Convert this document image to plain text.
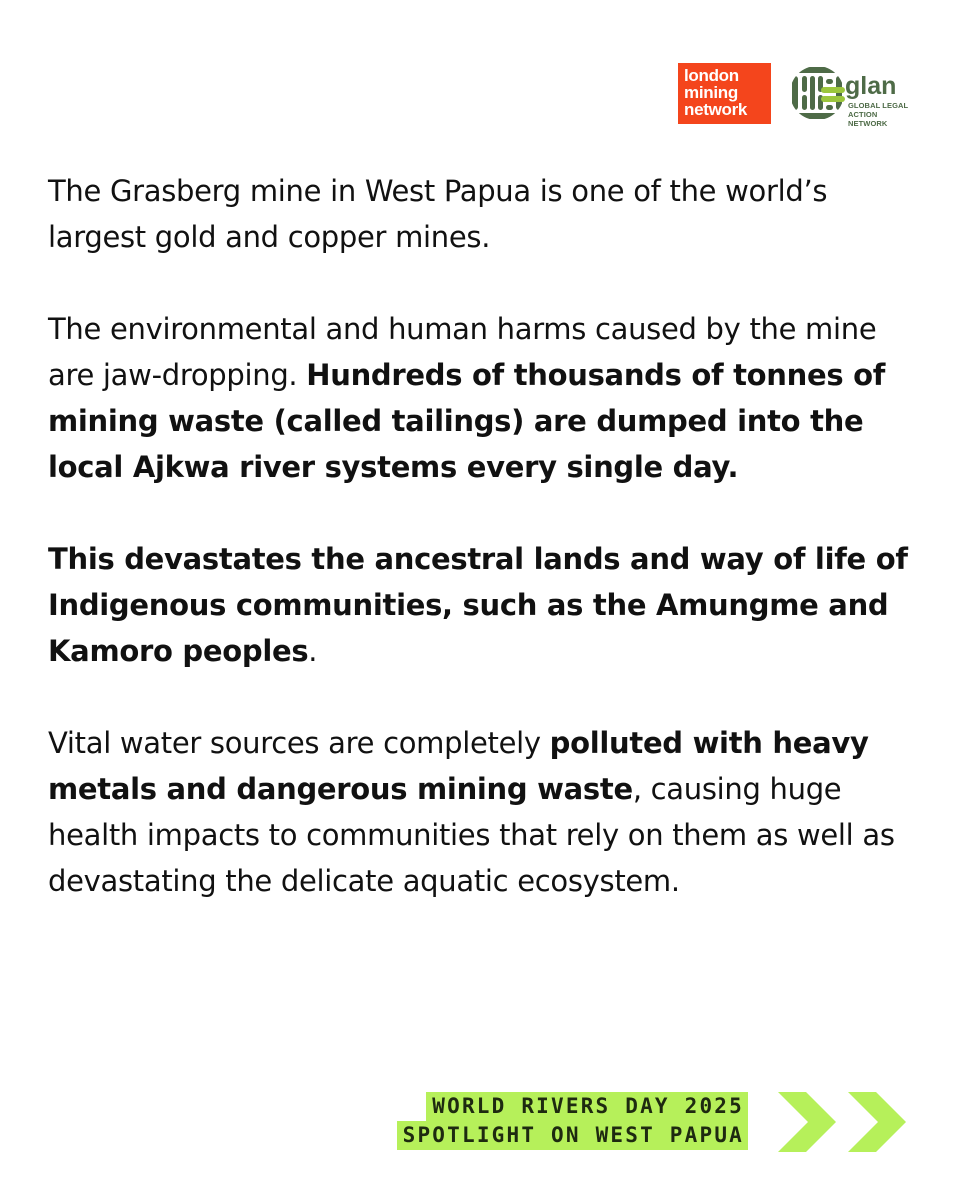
london
mining
network
glan
GLOBAL LEGAL
ACTION NETWORK

The Grasberg mine in West Papua is one of the world’s largest gold and copper mines.

The environmental and human harms caused by the mine are jaw-dropping. Hundreds of thousands of tonnes of mining waste (called tailings) are dumped into the local Ajkwa river systems every single day.

This devastates the ancestral lands and way of life of Indigenous communities, such as the Amungme and Kamoro peoples.

Vital water sources are completely polluted with heavy metals and dangerous mining waste, causing huge health impacts to communities that rely on them as well as devastating the delicate aquatic ecosystem.

WORLD RIVERS DAY 2025
SPOTLIGHT ON WEST PAPUA
